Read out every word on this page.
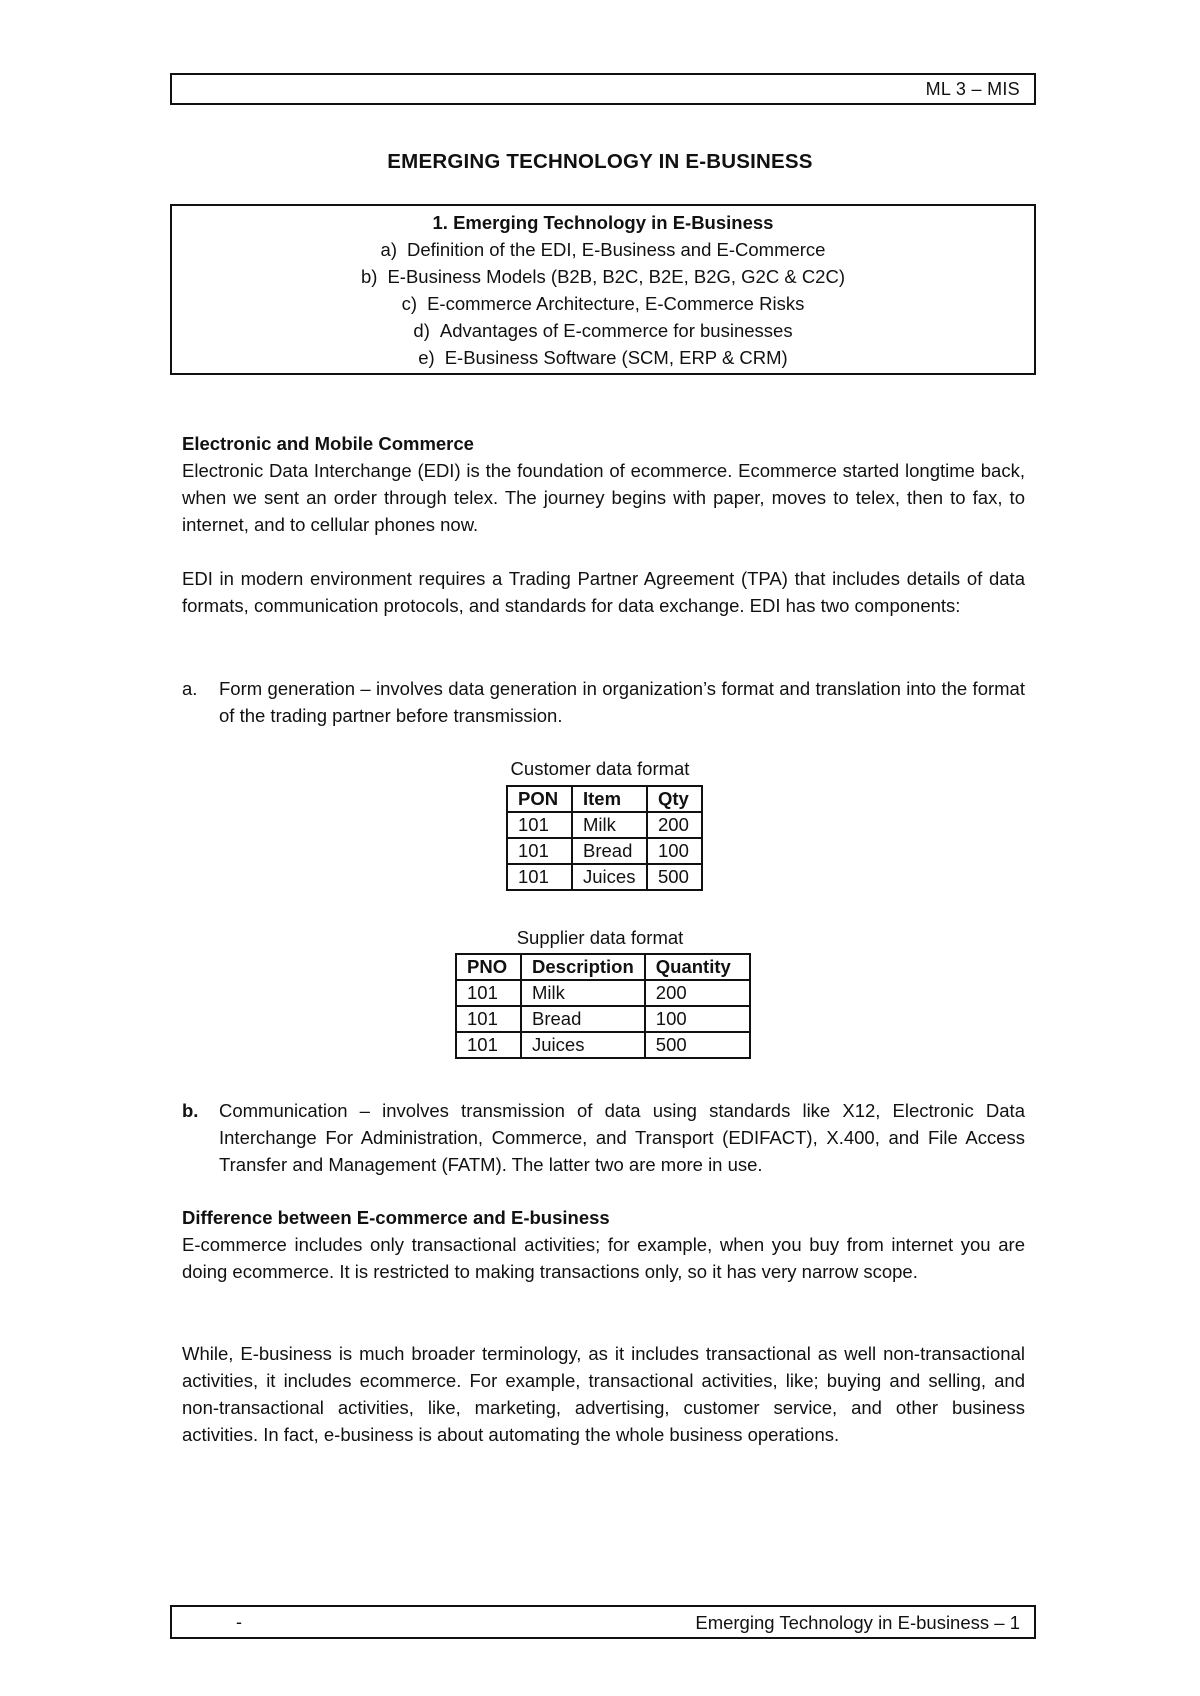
ML 3 – MIS
EMERGING TECHNOLOGY IN E-BUSINESS
1. Emerging Technology in E-Business
a) Definition of the EDI, E-Business and E-Commerce
b) E-Business Models (B2B, B2C, B2E, B2G, G2C & C2C)
c) E-commerce Architecture, E-Commerce Risks
d) Advantages of E-commerce for businesses
e) E-Business Software (SCM, ERP & CRM)
Electronic and Mobile Commerce
Electronic Data Interchange (EDI) is the foundation of ecommerce. Ecommerce started longtime back, when we sent an order through telex. The journey begins with paper, moves to telex, then to fax, to internet, and to cellular phones now.
EDI in modern environment requires a Trading Partner Agreement (TPA) that includes details of data formats, communication protocols, and standards for data exchange. EDI has two components:
a. Form generation – involves data generation in organization’s format and translation into the format of the trading partner before transmission.
Customer data format
PON	Item	Qty
101	Milk	200
101	Bread	100
101	Juices	500
Supplier data format
PNO	Description	Quantity
101	Milk	200
101	Bread	100
101	Juices	500
b. Communication – involves transmission of data using standards like X12, Electronic Data Interchange For Administration, Commerce, and Transport (EDIFACT), X.400, and File Access Transfer and Management (FATM). The latter two are more in use.
Difference between E-commerce and E-business
E-commerce includes only transactional activities; for example, when you buy from internet you are doing ecommerce. It is restricted to making transactions only, so it has very narrow scope.
While, E-business is much broader terminology, as it includes transactional as well non-transactional activities, it includes ecommerce. For example, transactional activities, like; buying and selling, and non-transactional activities, like, marketing, advertising, customer service, and other business activities. In fact, e-business is about automating the whole business operations.
-	Emerging Technology in E-business – 1
